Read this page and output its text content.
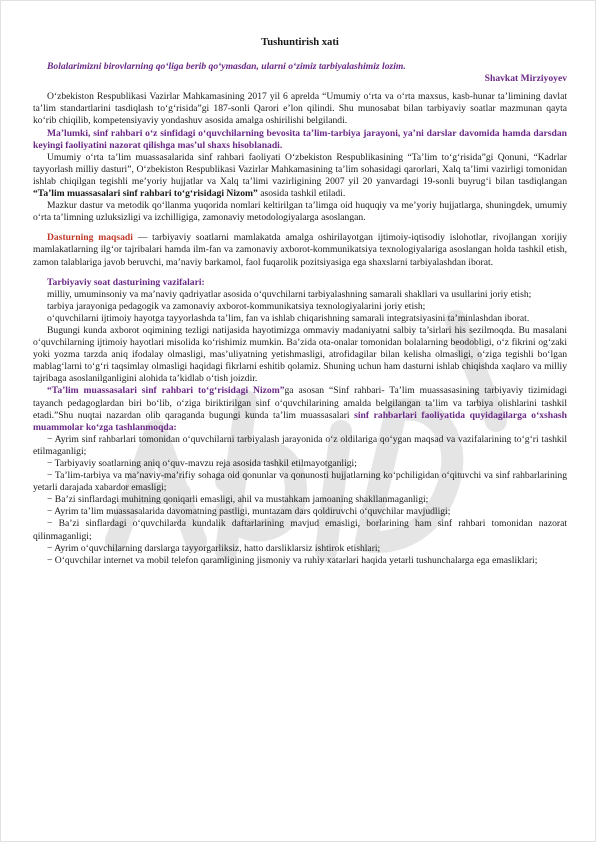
Tushuntirish xati

Bolalarimizni birovlarning qo‘liga berib qo‘ymasdan, ularni o‘zimiz tarbiyalashimiz lozim.

Shavkat Mirziyoyev

O‘zbekiston Respublikasi Vazirlar Mahkamasining 2017 yil 6 aprelda “Umumiy o‘rta va o‘rta maxsus, kasb-hunar ta’limining davlat ta’lim standartlarini tasdiqlash to‘g‘risida”gi 187-sonli Qarori e’lon qilindi. Shu munosabat bilan tarbiyaviy soatlar mazmunan qayta ko‘rib chiqilib, kompetensiyaviy yondashuv asosida amalga oshirilishi belgilandi.

Ma’lumki, sinf rahbari o‘z sinfidagi o‘quvchilarning bevosita ta’lim-tarbiya jarayoni, ya’ni darslar davomida hamda darsdan keyingi faoliyatini nazorat qilishga mas’ul shaxs hisoblanadi.

Umumiy o‘rta ta’lim muassasalarida sinf rahbari faoliyati O‘zbekiston Respublikasining “Ta’lim to‘g‘risida”gi Qonuni, “Kadrlar tayyorlash milliy dasturi”, O‘zbekiston Respublikasi Vazirlar Mahkamasining ta’lim sohasidagi qarorlari, Xalq ta’limi vazirligi tomonidan ishlab chiqilgan tegishli me’yoriy hujjatlar va Xalq ta’limi vazirligining 2007 yil 20 yanvardagi 19-sonli buyrug‘i bilan tasdiqlangan “Ta’lim muassasalari sinf rahbari to‘g‘risidagi Nizom” asosida tashkil etiladi.

Mazkur dastur va metodik qo‘llanma yuqorida nomlari keltirilgan ta’limga oid huquqiy va me’yoriy hujjatlarga, shuningdek, umumiy o‘rta ta’limning uzluksizligi va izchilligiga, zamonaviy metodologiyalarga asoslangan.

Dasturning maqsadi — tarbiyaviy soatlarni mamlakatda amalga oshirilayotgan ijtimoiy-iqtisodiy islohotlar, rivojlangan xorijiy mamlakatlarning ilg‘or tajribalari hamda ilm-fan va zamonaviy axborot-kommunikatsiya texnologiyalariga asoslangan holda tashkil etish, zamon talablariga javob beruvchi, ma’naviy barkamol, faol fuqarolik pozitsiyasiga ega shaxslarni tarbiyalashdan iborat.

Tarbiyaviy soat dasturining vazifalari:

milliy, umuminsoniy va ma’naviy qadriyatlar asosida o‘quvchilarni tarbiyalashning samarali shakllari va usullarini joriy etish;

tarbiya jarayoniga pedagogik va zamonaviy axborot-kommunikatsiya texnologiyalarini joriy etish;

o‘quvchilarni ijtimoiy hayotga tayyorlashda ta’lim, fan va ishlab chiqarishning samarali integratsiyasini ta’minlashdan iborat.

Bugungi kunda axborot oqimining tezligi natijasida hayotimizga ommaviy madaniyatni salbiy ta’sirlari his sezilmoqda. Bu masalani o‘quvchilarning ijtimoiy hayotlari misolida ko‘rishimiz mumkin. Ba’zida ota-onalar tomonidan bolalarning beodobligi, o‘z fikrini og‘zaki yoki yozma tarzda aniq ifodalay olmasligi, mas’uliyatning yetishmasligi, atrofidagilar bilan kelisha olmasligi, o‘ziga tegishli bo‘lgan mablag‘larni to‘g‘ri taqsimlay olmasligi haqidagi fikrlarni eshitib qolamiz. Shuning uchun ham dasturni ishlab chiqishda xaqlaro va milliy tajribaga asoslanilganligini alohida ta’kidlab o‘tish joizdir.

“Ta’lim muassasalari sinf rahbari to‘g‘risidagi Nizom”ga asosan “Sinf rahbari- Ta’lim muassasasining tarbiyaviy tizimidagi tayanch pedagoglardan biri bo‘lib, o‘ziga biriktirilgan sinf o‘quvchilarining amalda belgilangan ta’lim va tarbiya olishlarini tashkil etadi.”Shu nuqtai nazardan olib qaraganda bugungi kunda ta’lim muassasalari sinf rahbarlari faoliyatida quyidagilarga o‘xshash muammolar ko‘zga tashlanmoqda:

− Ayrim sinf rahbarlari tomonidan o‘quvchilarni tarbiyalash jarayonida o‘z oldilariga qo‘ygan maqsad va vazifalarining to‘g‘ri tashkil etilmaganligi;

− Tarbiyaviy soatlarning aniq o‘quv-mavzu reja asosida tashkil etilmayotganligi;

− Ta’lim-tarbiya va ma’naviy-ma’rifiy sohaga oid qonunlar va qonunosti hujjatlarning ko‘pchiligidan o‘qituvchi va sinf rahbarlarining yetarli darajada xabardor emasligi;

− Ba’zi sinflardagi muhitning qoniqarli emasligi, ahil va mustahkam jamoaning shakllanmaganligi;

− Ayrim ta’lim muassasalarida davomatning pastligi, muntazam dars qoldiruvchi o‘quvchilar mavjudligi;

− Ba’zi sinflardagi o‘quvchilarda kundalik daftarlarining mavjud emasligi, borlarining ham sinf rahbari tomonidan nazorat qilinmaganligi;

− Ayrim o‘quvchilarning darslarga tayyorgarliksiz, hatto darsliklarsiz ishtirok etishlari;

− O‘quvchilar internet va mobil telefon qaramligining jismoniy va ruhiy xatarlari haqida yetarli tushunchalarga ega emasliklari;
